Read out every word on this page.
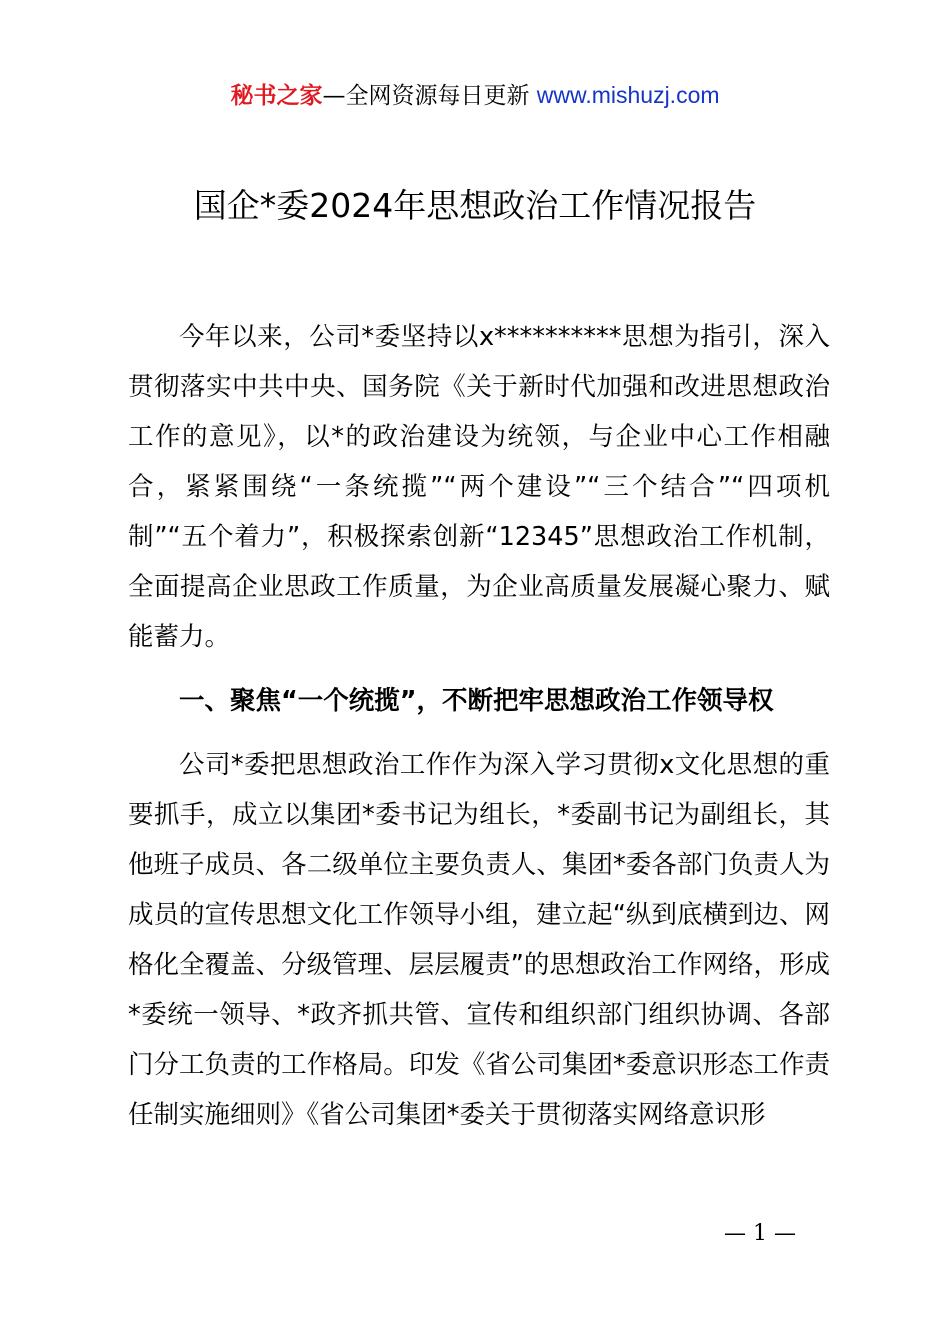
秘书之家—全网资源每日更新 www.mishuzj.com
国企*委2024年思想政治工作情况报告

今年以来，公司*委坚持以x**********思想为指引，深入贯彻落实中共中央、国务院《关于新时代加强和改进思想政治工作的意见》，以*的政治建设为统领，与企业中心工作相融合，紧紧围绕“一条统揽”“两个建设”“三个结合”“四项机制”“五个着力”，积极探索创新“12345”思想政治工作机制，全面提高企业思政工作质量，为企业高质量发展凝心聚力、赋能蓄力。

一、聚焦“一个统揽”，不断把牢思想政治工作领导权

公司*委把思想政治工作作为深入学习贯彻x文化思想的重要抓手，成立以集团*委书记为组长，*委副书记为副组长，其他班子成员、各二级单位主要负责人、集团*委各部门负责人为成员的宣传思想文化工作领导小组，建立起“纵到底横到边、网格化全覆盖、分级管理、层层履责”的思想政治工作网络，形成*委统一领导、*政齐抓共管、宣传和组织部门组织协调、各部门分工负责的工作格局。印发《省公司集团*委意识形态工作责任制实施细则》《省公司集团*委关于贯彻落实网络意识形

— 1 —
